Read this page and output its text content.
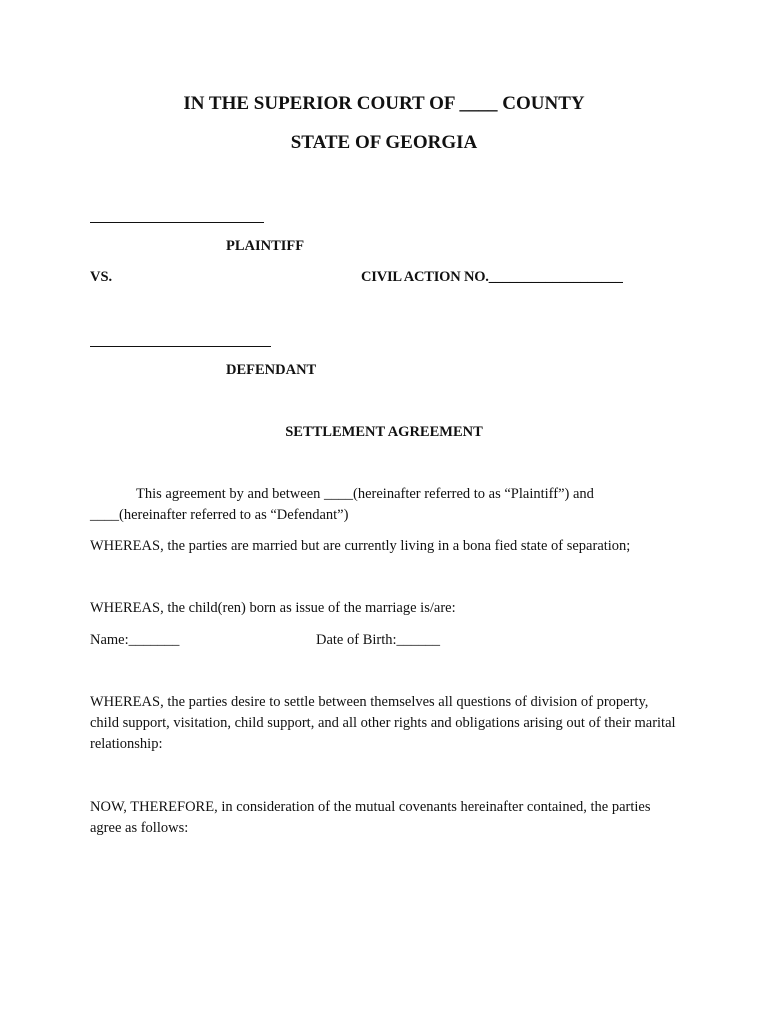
IN THE SUPERIOR COURT OF ____ COUNTY
STATE OF GEORGIA
PLAINTIFF
VS.	CIVIL ACTION NO.___________________
DEFENDANT
SETTLEMENT AGREEMENT
This agreement by and between ____(hereinafter referred to as “Plaintiff”) and
____(hereinafter referred to as “Defendant”)
WHEREAS, the parties are married but are currently living in a bona fied state of separation;
WHEREAS, the child(ren) born as issue of the marriage is/are:
Name:_______	Date of Birth:______
WHEREAS, the parties desire to settle between themselves all questions of division of property, child support, visitation, child support, and all other rights and obligations arising out of their marital relationship:
NOW, THEREFORE, in consideration of the mutual covenants hereinafter contained, the parties agree as follows:
